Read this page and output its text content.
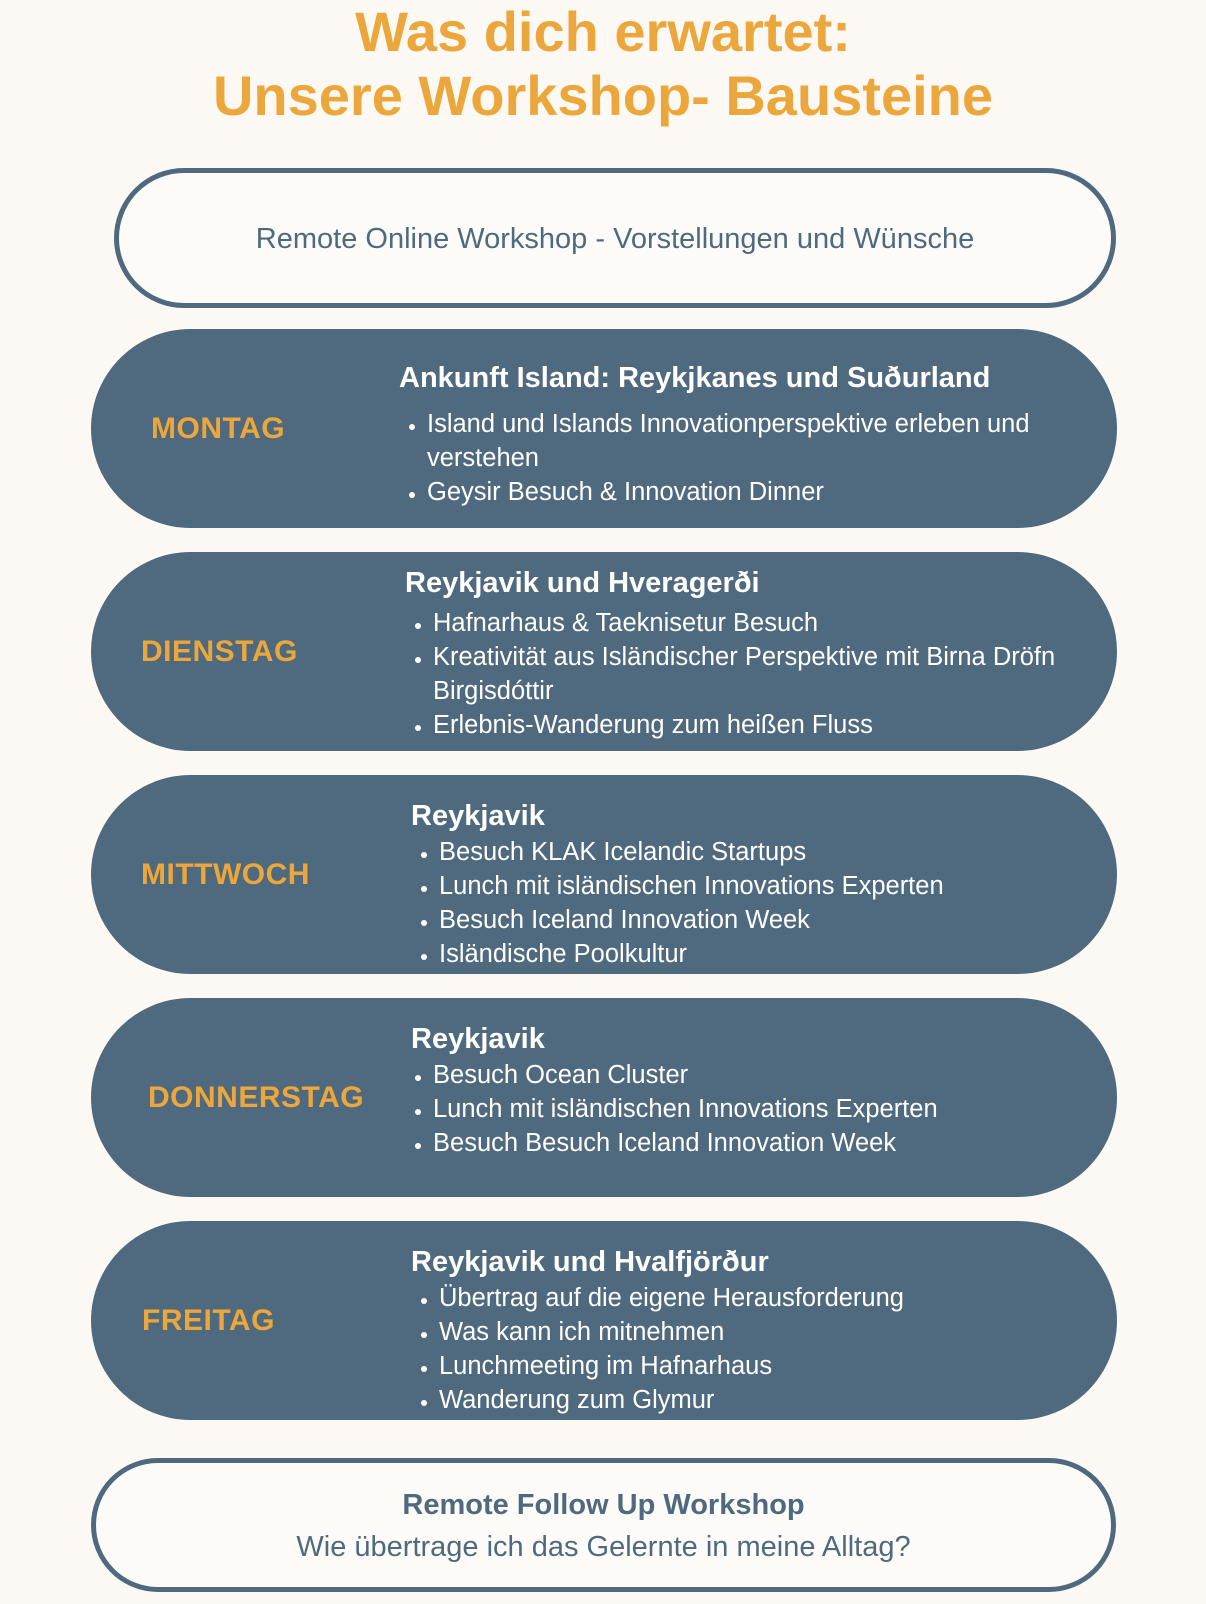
Was dich erwartet:
Unsere Workshop- Bausteine
Remote Online Workshop - Vorstellungen und Wünsche
MONTAG
Ankunft Island: Reykjkanes und Suðurland
• Island und Islands Innovationperspektive erleben und verstehen
• Geysir Besuch & Innovation Dinner
DIENSTAG
Reykjavik und Hveragerði
• Hafnarhaus & Taeknisetur Besuch
• Kreativität aus Isländischer Perspektive mit Birna Dröfn Birgisdóttir
• Erlebnis-Wanderung zum heißen Fluss
MITTWOCH
Reykjavik
• Besuch KLAK Icelandic Startups
• Lunch mit isländischen Innovations Experten
• Besuch Iceland Innovation Week
• Isländische Poolkultur
DONNERSTAG
Reykjavik
• Besuch Ocean Cluster
• Lunch mit isländischen Innovations Experten
• Besuch Besuch Iceland Innovation Week
FREITAG
Reykjavik und Hvalfjörður
• Übertrag auf die eigene Herausforderung
• Was kann ich mitnehmen
• Lunchmeeting im Hafnarhaus
• Wanderung zum Glymur
Remote Follow Up Workshop
Wie übertrage ich das Gelernte in meine Alltag?
